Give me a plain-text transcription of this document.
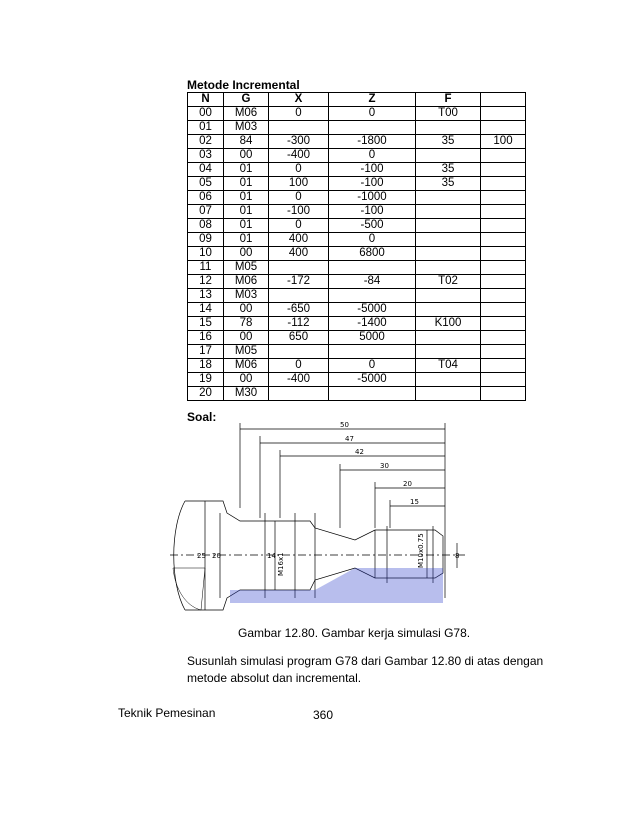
Metode Incremental
N	G	X	Z	F	
00	M06	0	0	T00	
01	M03				
02	84	-300	-1800	35	100
03	00	-400	0		
04	01	0	-100	35	
05	01	100	-100	35	
06	01	0	-1000		
07	01	-100	-100		
08	01	0	-500		
09	01	400	0		
10	00	400	6800		
11	M05				
12	M06	-172	-84	T02	
13	M03				
14	00	-650	-5000		
15	78	-112	-1400	K100	
16	00	650	5000		
17	M05				
18	M06	0	0	T04	
19	00	-400	-5000		
20	M30				
Soal:
50
47
42
30
20
15
25 20	14 M16x1	M10x0.75	8
Gambar 12.80. Gambar kerja simulasi G78.
Susunlah simulasi program G78 dari Gambar 12.80 di atas dengan metode absolut dan incremental.
Teknik Pemesinan	360
